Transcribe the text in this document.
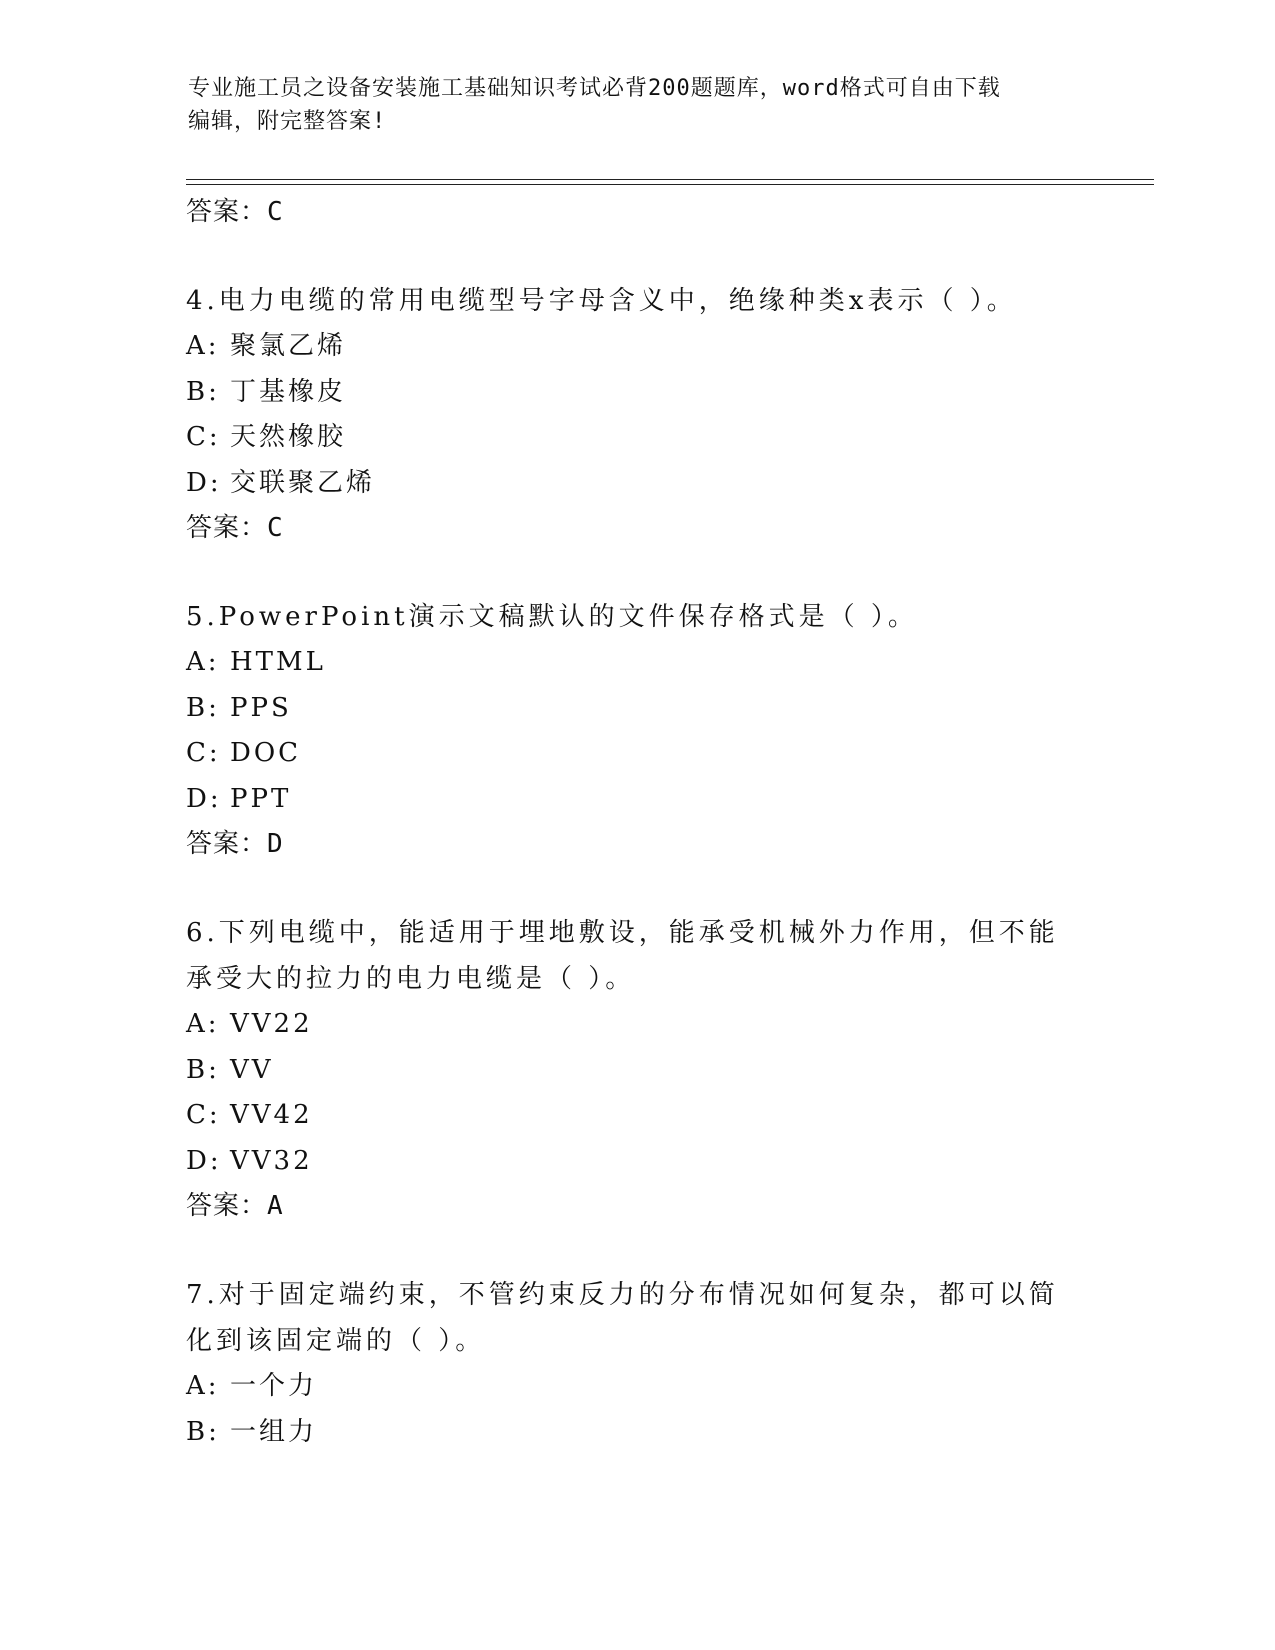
专业施工员之设备安装施工基础知识考试必背200题题库，word格式可自由下载
编辑，附完整答案!
答案：C
4.电力电缆的常用电缆型号字母含义中，绝缘种类x表示（ ）。
A: 聚氯乙烯
B: 丁基橡皮
C: 天然橡胶
D: 交联聚乙烯
答案：C
5.PowerPoint演示文稿默认的文件保存格式是（ ）。
A: HTML
B: PPS
C: DOC
D: PPT
答案：D
6.下列电缆中，能适用于埋地敷设，能承受机械外力作用，但不能承受大的拉力的电力电缆是（ ）。
A: VV22
B: VV
C: VV42
D: VV32
答案：A
7.对于固定端约束，不管约束反力的分布情况如何复杂，都可以简化到该固定端的（ ）。
A: 一个力
B: 一组力
